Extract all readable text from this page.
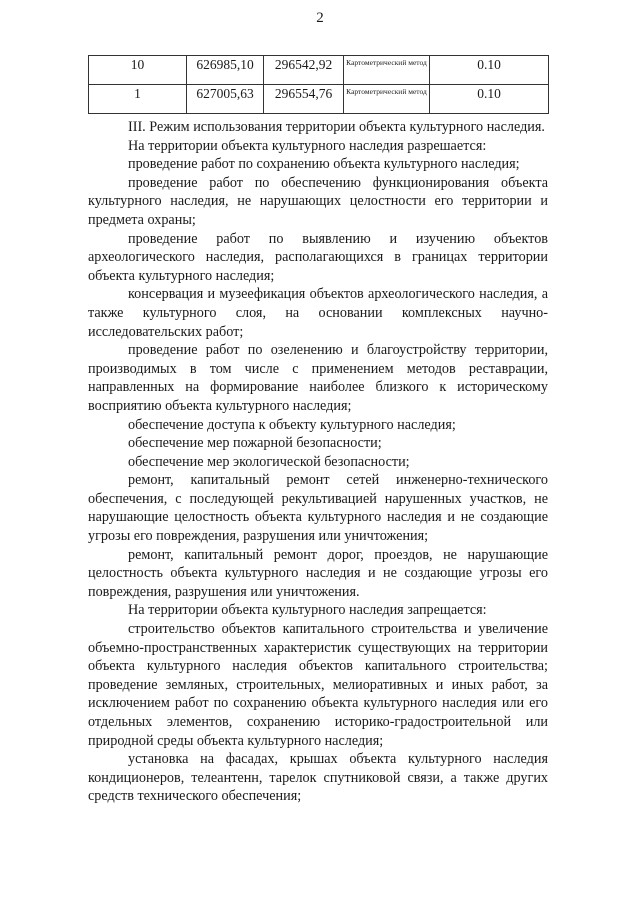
2
10	626985,10	296542,92	Картометрический метод	0.10
1	627005,63	296554,76	Картометрический метод	0.10

III. Режим использования территории объекта культурного наследия.

На территории объекта культурного наследия разрешается:

проведение работ по сохранению объекта культурного наследия;

проведение работ по обеспечению функционирования объекта культурного наследия, не нарушающих целостности его территории и предмета охраны;

проведение работ по выявлению и изучению объектов археологического наследия, располагающихся в границах территории объекта культурного наследия;

консервация и музеефикация объектов археологического наследия, а также культурного слоя, на основании комплексных научно-исследовательских работ;

проведение работ по озеленению и благоустройству территории, производимых в том числе с применением методов реставрации, направленных на формирование наиболее близкого к историческому восприятию объекта культурного наследия;

обеспечение доступа к объекту культурного наследия;

обеспечение мер пожарной безопасности;

обеспечение мер экологической безопасности;

ремонт, капитальный ремонт сетей инженерно-технического обеспечения, с последующей рекультивацией нарушенных участков, не нарушающие целостность объекта культурного наследия и не создающие угрозы его повреждения, разрушения или уничтожения;

ремонт, капитальный ремонт дорог, проездов, не нарушающие целостность объекта культурного наследия и не создающие угрозы его повреждения, разрушения или уничтожения.

На территории объекта культурного наследия запрещается:

строительство объектов капитального строительства и увеличение объемно-пространственных характеристик существующих на территории объекта культурного наследия объектов капитального строительства; проведение земляных, строительных, мелиоративных и иных работ, за исключением работ по сохранению объекта культурного наследия или его отдельных элементов, сохранению историко-градостроительной или природной среды объекта культурного наследия;

установка на фасадах, крышах объекта культурного наследия кондиционеров, телеантенн, тарелок спутниковой связи, а также других средств технического обеспечения;
